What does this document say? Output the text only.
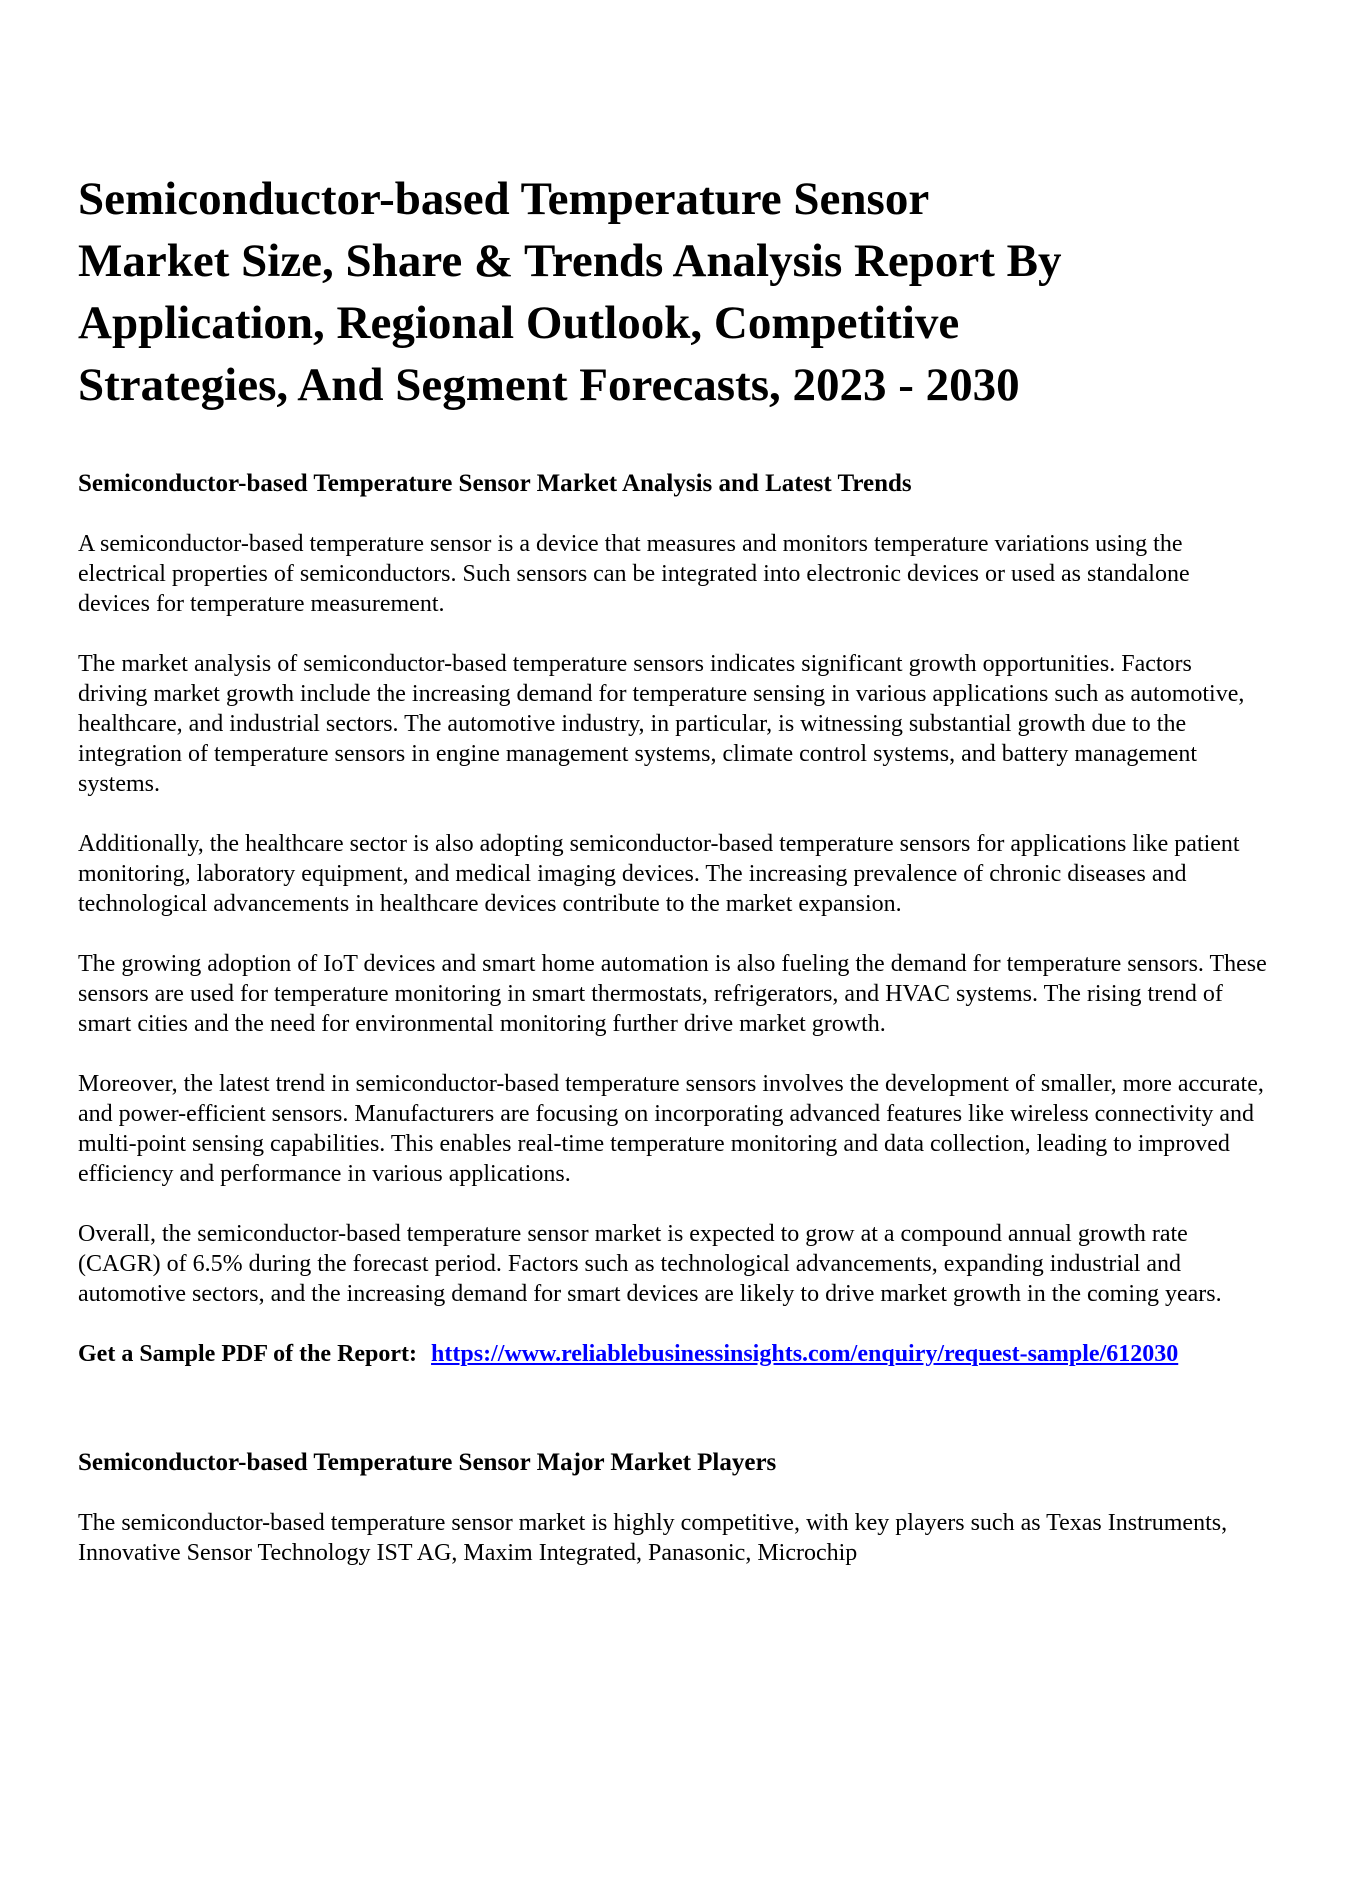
Semiconductor-based Temperature Sensor
Market Size, Share & Trends Analysis Report By
Application, Regional Outlook, Competitive
Strategies, And Segment Forecasts, 2023 - 2030
Semiconductor-based Temperature Sensor Market Analysis and Latest Trends

A semiconductor-based temperature sensor is a device that measures and monitors temperature variations using the electrical properties of semiconductors. Such sensors can be integrated into electronic devices or used as standalone devices for temperature measurement.

The market analysis of semiconductor-based temperature sensors indicates significant growth opportunities. Factors driving market growth include the increasing demand for temperature sensing in various applications such as automotive, healthcare, and industrial sectors. The automotive industry, in particular, is witnessing substantial growth due to the integration of temperature sensors in engine management systems, climate control systems, and battery management systems.

Additionally, the healthcare sector is also adopting semiconductor-based temperature sensors for applications like patient monitoring, laboratory equipment, and medical imaging devices. The increasing prevalence of chronic diseases and technological advancements in healthcare devices contribute to the market expansion.

The growing adoption of IoT devices and smart home automation is also fueling the demand for temperature sensors. These sensors are used for temperature monitoring in smart thermostats, refrigerators, and HVAC systems. The rising trend of smart cities and the need for environmental monitoring further drive market growth.

Moreover, the latest trend in semiconductor-based temperature sensors involves the development of smaller, more accurate, and power-efficient sensors. Manufacturers are focusing on incorporating advanced features like wireless connectivity and multi-point sensing capabilities. This enables real-time temperature monitoring and data collection, leading to improved efficiency and performance in various applications.

Overall, the semiconductor-based temperature sensor market is expected to grow at a compound annual growth rate (CAGR) of 6.5% during the forecast period. Factors such as technological advancements, expanding industrial and automotive sectors, and the increasing demand for smart devices are likely to drive market growth in the coming years.

Get a Sample PDF of the Report: https://www.reliablebusinessinsights.com/enquiry/request-sample/612030

Semiconductor-based Temperature Sensor Major Market Players

The semiconductor-based temperature sensor market is highly competitive, with key players such as Texas Instruments, Innovative Sensor Technology IST AG, Maxim Integrated, Panasonic, Microchip
